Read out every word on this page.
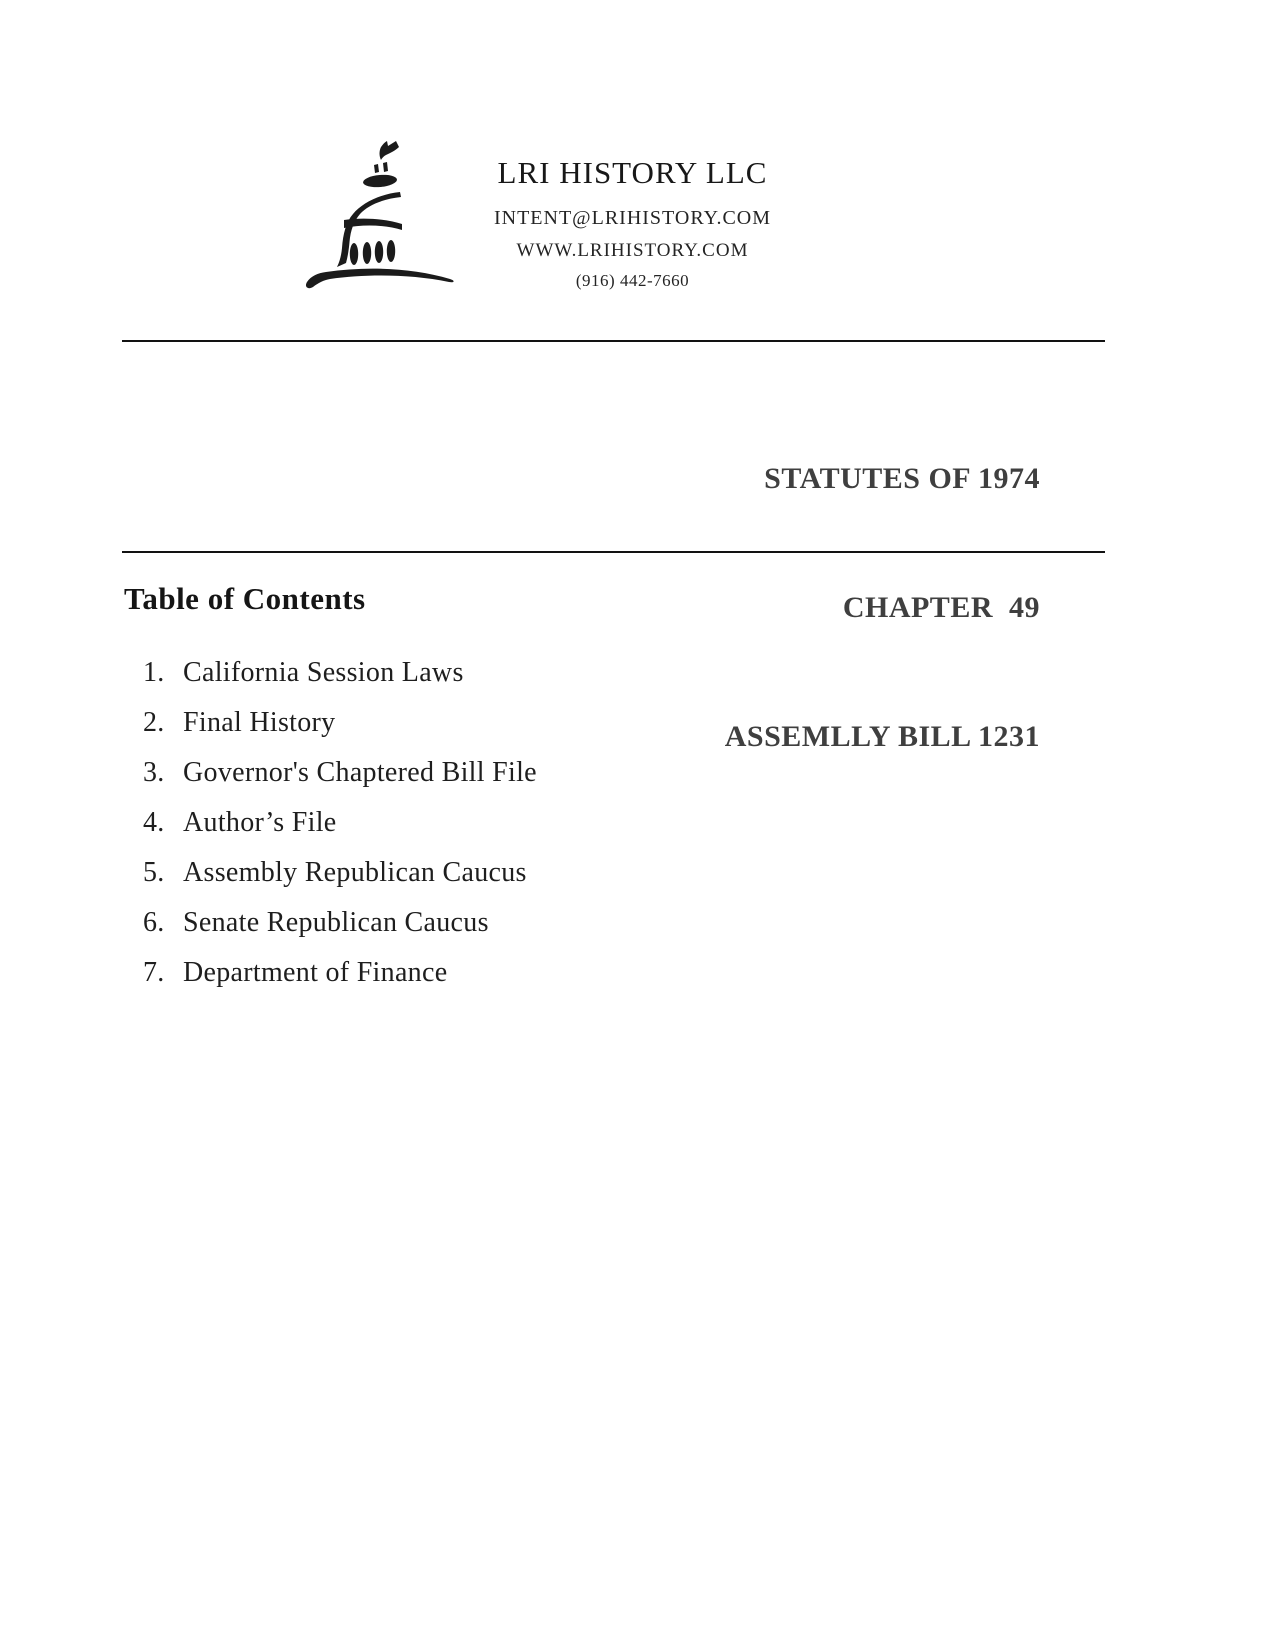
LRI HISTORY LLC
INTENT@LRIHISTORY.COM
WWW.LRIHISTORY.COM
(916) 442-7660

STATUTES OF 1974

CHAPTER  49

ASSEMLLY BILL 1231

Table of Contents
1. California Session Laws
2. Final History
3. Governor's Chaptered Bill File
4. Author’s File
5. Assembly Republican Caucus
6. Senate Republican Caucus
7. Department of Finance
